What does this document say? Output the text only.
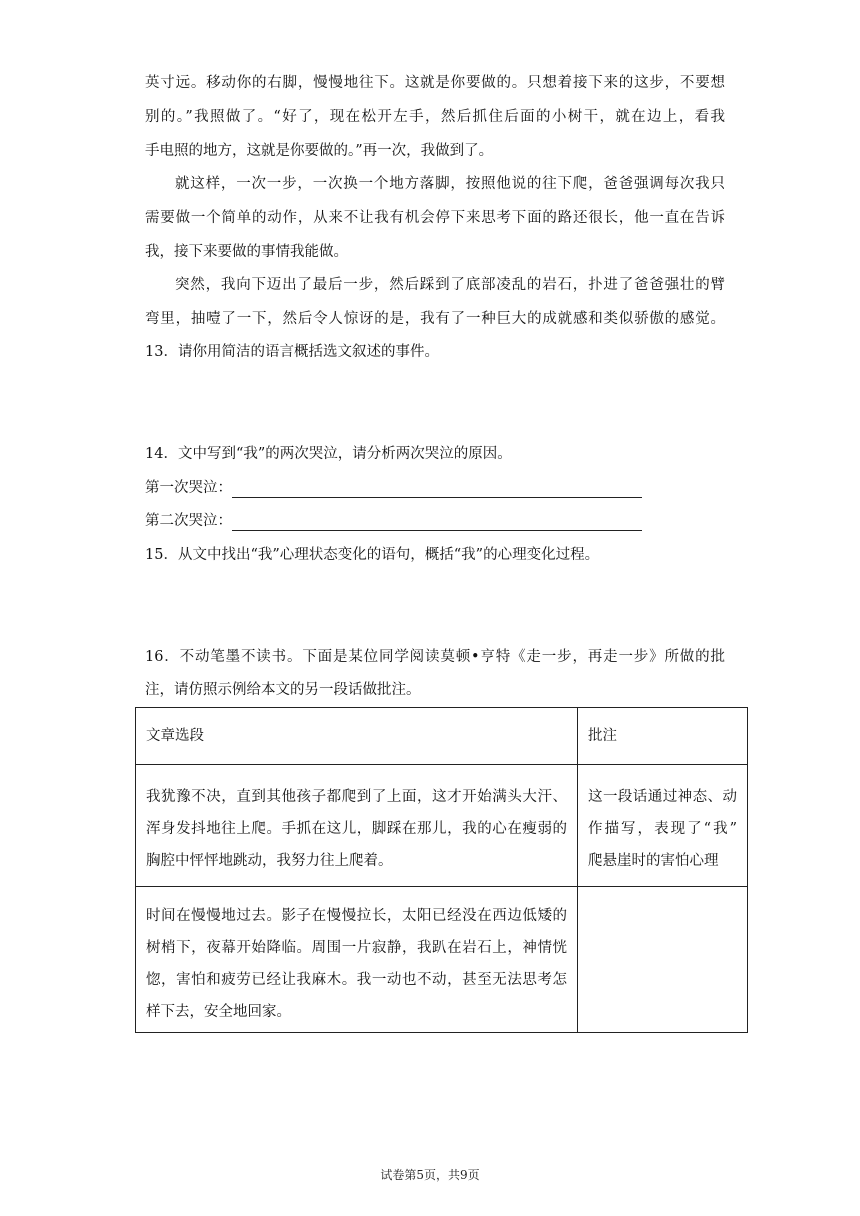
英寸远。移动你的右脚，慢慢地往下。这就是你要做的。只想着接下来的这步，不要想
别的。”我照做了。“好了，现在松开左手，然后抓住后面的小树干，就在边上，看我
手电照的地方，这就是你要做的。”再一次，我做到了。
就这样，一次一步，一次换一个地方落脚，按照他说的往下爬，爸爸强调每次我只
需要做一个简单的动作，从来不让我有机会停下来思考下面的路还很长，他一直在告诉
我，接下来要做的事情我能做。
突然，我向下迈出了最后一步，然后踩到了底部凌乱的岩石，扑进了爸爸强壮的臂
弯里，抽噎了一下，然后令人惊讶的是，我有了一种巨大的成就感和类似骄傲的感觉。
13．请你用简洁的语言概括选文叙述的事件。
14．文中写到“我”的两次哭泣，请分析两次哭泣的原因。
第一次哭泣：
第二次哭泣：
15．从文中找出“我”心理状态变化的语句，概括“我”的心理变化过程。
16．不动笔墨不读书。下面是某位同学阅读莫顿•亨特《走一步，再走一步》所做的批
注，请仿照示例给本文的另一段话做批注。
文章选段	批注

我犹豫不决，直到其他孩子都爬到了上面，这才开始满头大汗、
浑身发抖地往上爬。手抓在这儿，脚踩在那儿，我的心在瘦弱的
胸腔中怦怦地跳动，我努力往上爬着。	这一段话通过神态、动
作描写，表现了“我”
爬悬崖时的害怕心理

时间在慢慢地过去。影子在慢慢拉长，太阳已经没在西边低矮的
树梢下，夜幕开始降临。周围一片寂静，我趴在岩石上，神情恍
惚，害怕和疲劳已经让我麻木。我一动也不动，甚至无法思考怎
样下去，安全地回家。	

试卷第5页，共9页
